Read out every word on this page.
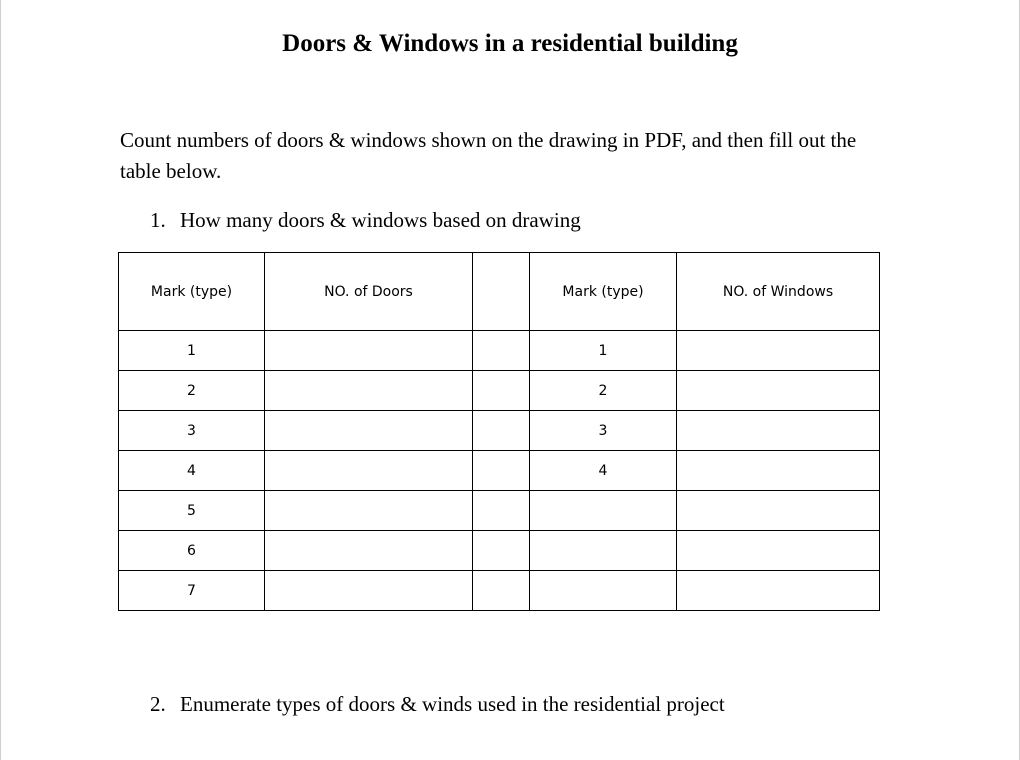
Doors & Windows in a residential building
Count numbers of doors & windows shown on the drawing in PDF, and then fill out the table below.
1. How many doors & windows based on drawing
Mark (type)	NO. of Doors		Mark (type)	NO. of Windows
1			1	
2			2	
3			3	
4			4	
5				
6				
7				
2. Enumerate types of doors & winds used in the residential project
